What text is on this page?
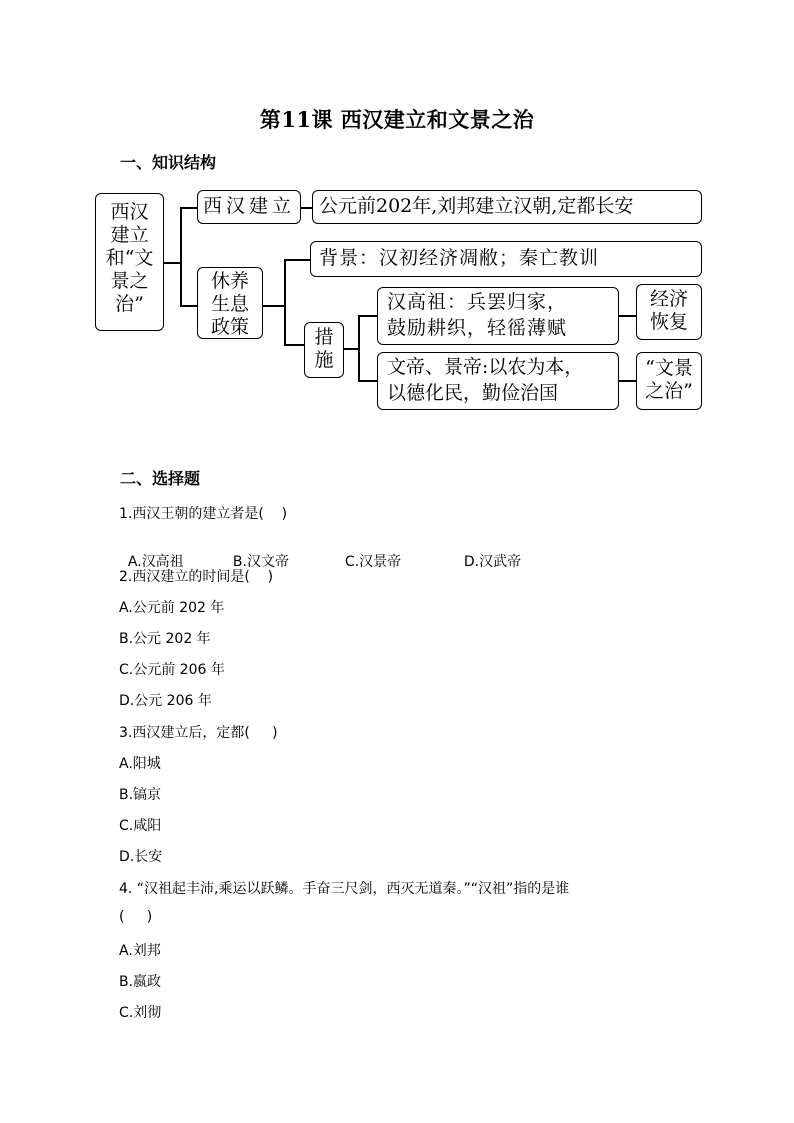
第11课 西汉建立和文景之治
一、知识结构
西汉
建立
和“文
景之
治”
西汉建立	公元前202年,刘邦建立汉朝,定都长安
休养
生息
政策
背景：汉初经济凋敝；秦亡教训
措
施
汉高祖：兵罢归家，
鼓励耕织，轻徭薄赋
经济
恢复
文帝、景帝:以农为本，
以德化民，勤俭治国
“文景
之治”
二、选择题
1.西汉王朝的建立者是(    )

A.汉高祖	B.汉文帝	C.汉景帝	D.汉武帝

2.西汉建立的时间是(    )
A.公元前 202 年
B.公元 202 年
C.公元前 206 年
D.公元 206 年
3.西汉建立后，定都(     )
A.阳城
B.镐京
C.咸阳
D.长安
4. “汉祖起丰沛,乘运以跃鳞。手奋三尺剑，西灭无道秦。”“汉祖”指的是谁
(     )
A.刘邦
B.嬴政
C.刘彻
